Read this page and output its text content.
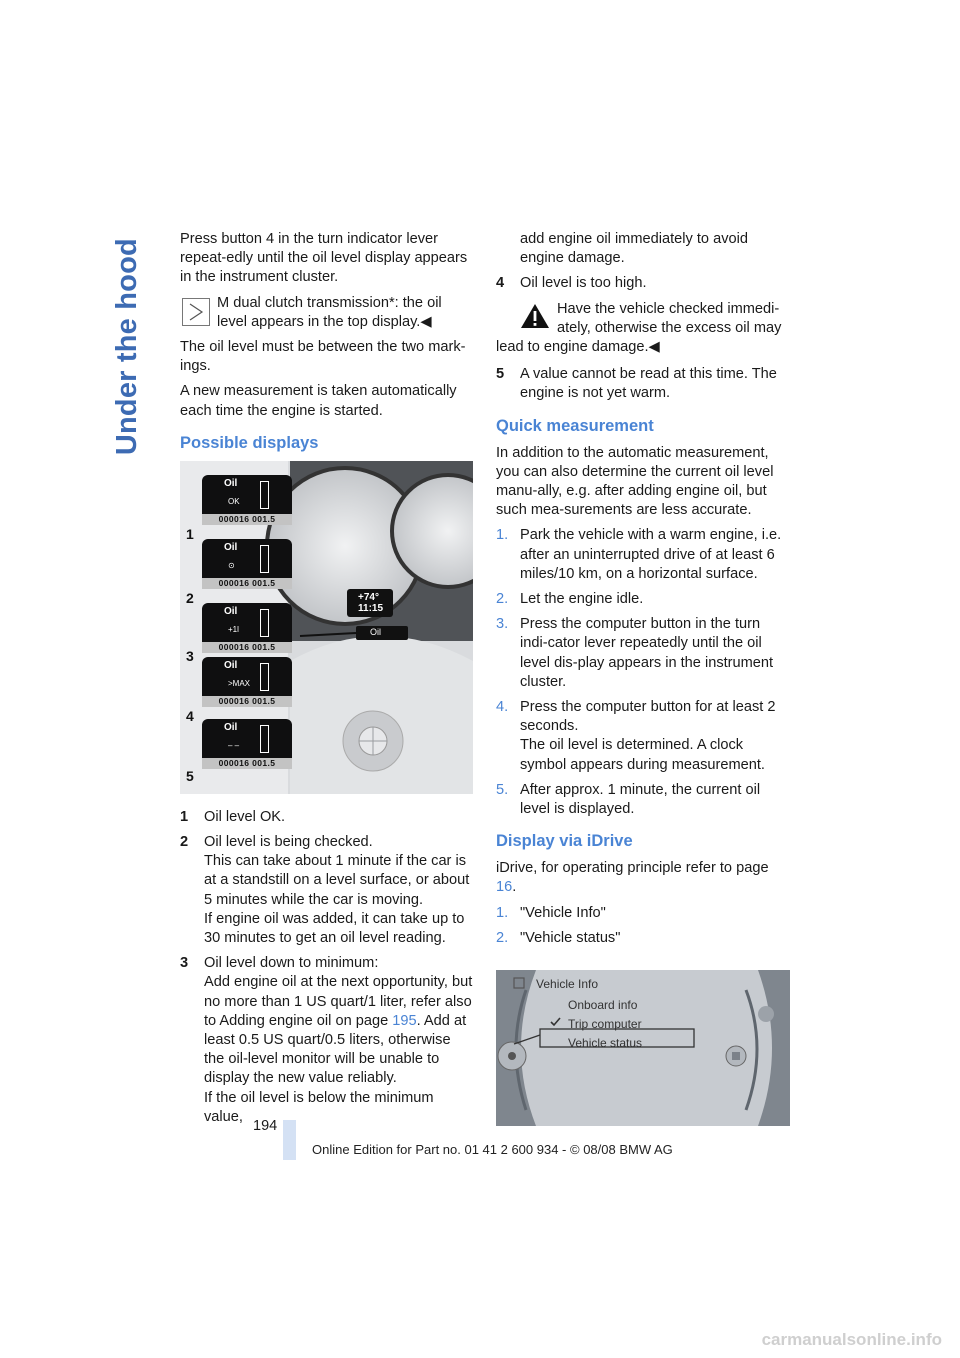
Under the hood	Press button 4 in the turn indicator lever repeat-edly until the oil level display appears in the instrument cluster.

M dual clutch transmission*: the oil level appears in the top display.◀

The oil level must be between the two mark-ings.

A new measurement is taken automatically each time the engine is started.

Possible displays
+74°
11:15
Oil
Oil
OK
000016 001.5
Oil
⊙
000016 001.5
Oil
+1l
000016 001.5
Oil
>MAX
000016 001.5
Oil
– –
000016 001.5
1
2
3
4
5
1	Oil level OK.
2	Oil level is being checked.
This can take about 1 minute if the car is at a standstill on a level surface, or about 5 minutes while the car is moving.
If engine oil was added, it can take up to 30 minutes to get an oil level reading.
3	Oil level down to minimum:
Add engine oil at the next opportunity, but no more than 1 US quart/1 liter, refer also to Adding engine oil on page 195. Add at least 0.5 US quart/0.5 liters, otherwise the oil-level monitor will be unable to display the new value reliably.
If the oil level is below the minimum value,
add engine oil immediately to avoid engine damage.
4	Oil level is too high.
Have the vehicle checked immedi-ately, otherwise the excess oil may
lead to engine damage.◀
5	A value cannot be read at this time. The engine is not yet warm.
Quick measurement

In addition to the automatic measurement, you can also determine the current oil level manu-ally, e.g. after adding engine oil, but such mea-surements are less accurate.

1. Park the vehicle with a warm engine, i.e. after an uninterrupted drive of at least 6 miles/10 km, on a horizontal surface.
2. Let the engine idle.
3. Press the computer button in the turn indi-cator lever repeatedly until the oil level dis-play appears in the instrument cluster.
4. Press the computer button for at least 2 seconds.
The oil level is determined. A clock symbol appears during measurement.
5. After approx. 1 minute, the current oil level is displayed.
Display via iDrive

iDrive, for operating principle refer to page 16.

1. "Vehicle Info"
2. "Vehicle status"
Vehicle Info
Onboard info
Trip computer
Vehicle status
194
Online Edition for Part no. 01 41 2 600 934 - © 08/08 BMW AG
carmanualsonline.info
